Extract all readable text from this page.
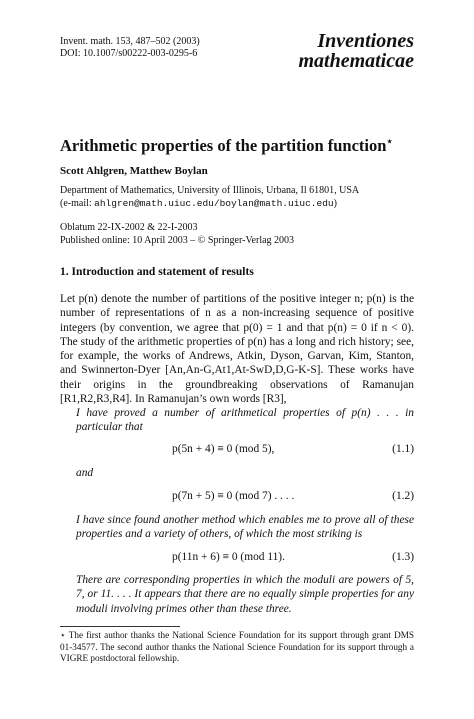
Invent. math. 153, 487–502 (2003)
DOI: 10.1007/s00222-003-0295-6
Inventiones
mathematicae
Arithmetic properties of the partition function⋆
Scott Ahlgren, Matthew Boylan
Department of Mathematics, University of Illinois, Urbana, Il 61801, USA
(e-mail: ahlgren@math.uiuc.edu/boylan@math.uiuc.edu)
Oblatum 22-IX-2002 & 22-I-2003
Published online: 10 April 2003 – © Springer-Verlag 2003
1. Introduction and statement of results
Let p(n) denote the number of partitions of the positive integer n; p(n) is the number of representations of n as a non-increasing sequence of positive integers (by convention, we agree that p(0) = 1 and that p(n) = 0 if n < 0). The study of the arithmetic properties of p(n) has a long and rich history; see, for example, the works of Andrews, Atkin, Dyson, Garvan, Kim, Stanton, and Swinnerton-Dyer [An,An-G,At1,At-SwD,D,G-K-S]. These works have their origins in the groundbreaking observations of Ramanujan [R1,R2,R3,R4]. In Ramanujan’s own words [R3],
I have proved a number of arithmetical properties of p(n) . . . in particular that
p(5n + 4) ≡ 0 (mod 5),	(1.1)
and
p(7n + 5) ≡ 0 (mod 7) . . . .	(1.2)
I have since found another method which enables me to prove all of these properties and a variety of others, of which the most striking is
p(11n + 6) ≡ 0 (mod 11).	(1.3)
There are corresponding properties in which the moduli are powers of 5, 7, or 11. . . . It appears that there are no equally simple properties for any moduli involving primes other than these three.
⋆ The first author thanks the National Science Foundation for its support through grant DMS 01-34577. The second author thanks the National Science Foundation for its support through a VIGRE postdoctoral fellowship.
